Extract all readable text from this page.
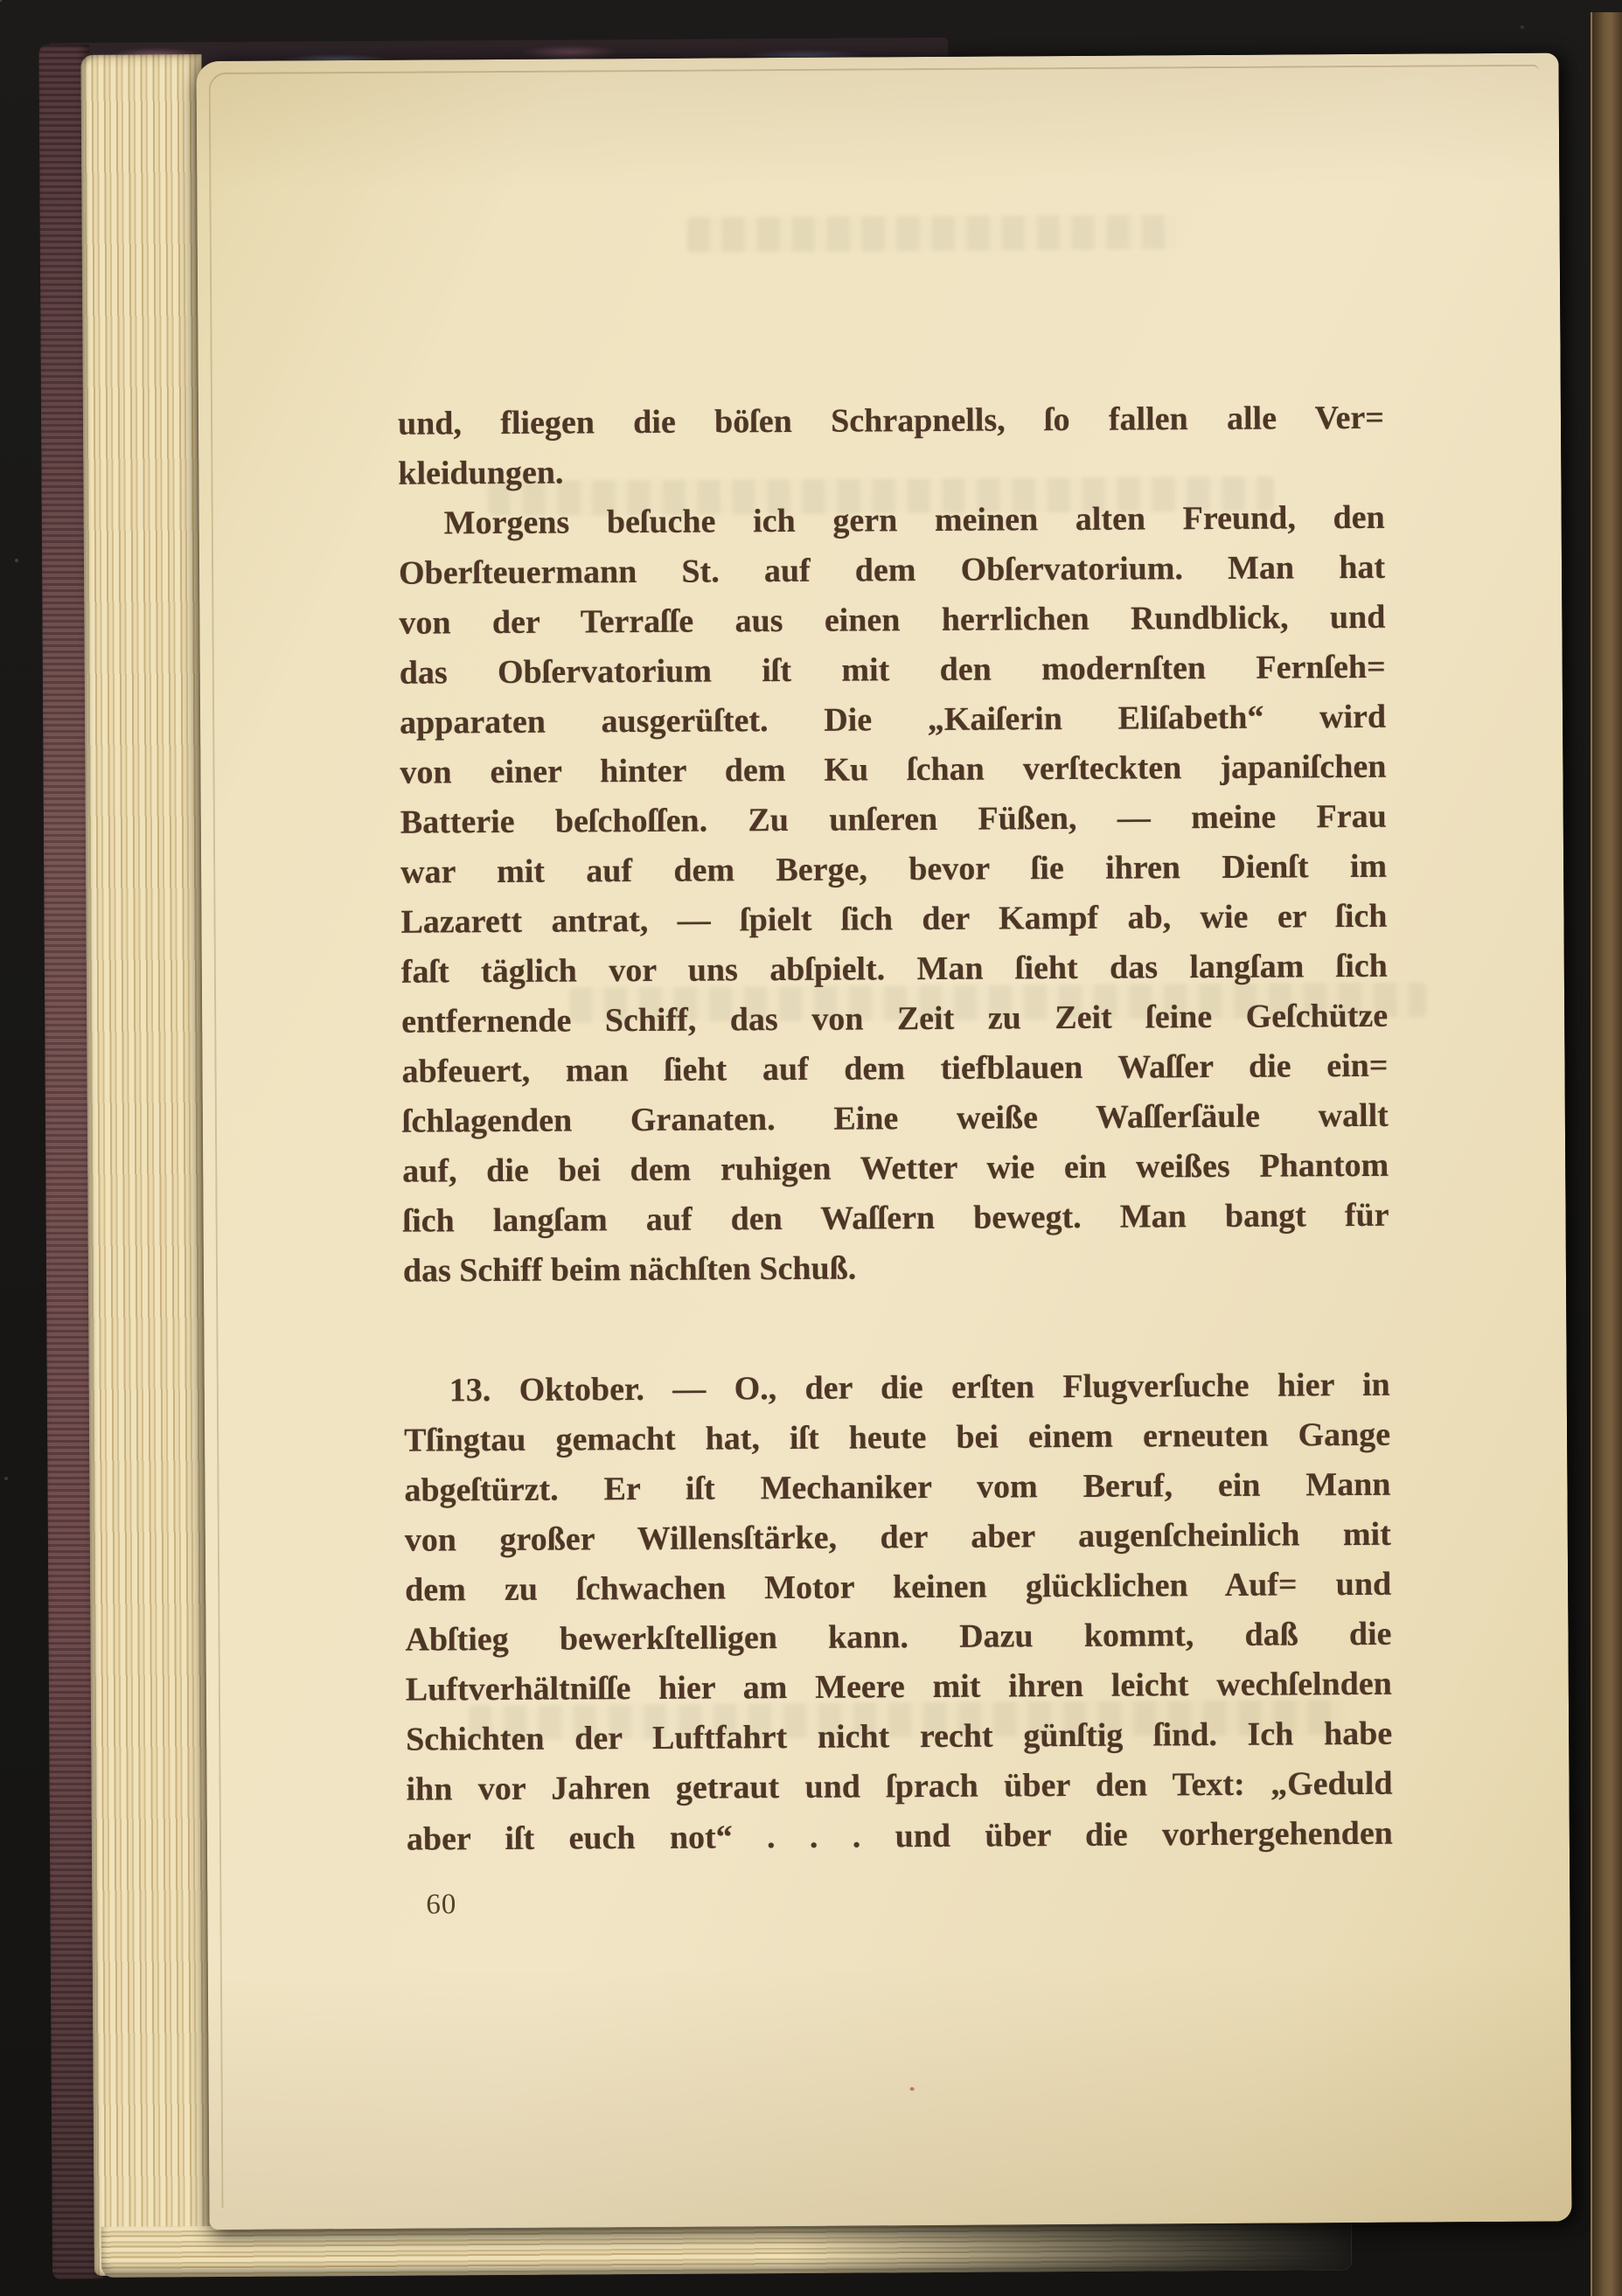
und, fliegen die böſen Schrapnells, ſo fallen alle Ver=
kleidungen.
Morgens beſuche ich gern meinen alten Freund, den
Oberſteuermann St. auf dem Obſervatorium. Man hat
von der Terraſſe aus einen herrlichen Rundblick, und
das Obſervatorium iſt mit den modernſten Fernſeh=
apparaten ausgerüſtet. Die „Kaiſerin Eliſabeth“ wird
von einer hinter dem Ku ſchan verſteckten japaniſchen
Batterie beſchoſſen. Zu unſeren Füßen, — meine Frau
war mit auf dem Berge, bevor ſie ihren Dienſt im
Lazarett antrat, — ſpielt ſich der Kampf ab, wie er ſich
faſt täglich vor uns abſpielt. Man ſieht das langſam ſich
entfernende Schiff, das von Zeit zu Zeit ſeine Geſchütze
abfeuert, man ſieht auf dem tiefblauen Waſſer die ein=
ſchlagenden Granaten. Eine weiße Waſſerſäule wallt
auf, die bei dem ruhigen Wetter wie ein weißes Phantom
ſich langſam auf den Waſſern bewegt. Man bangt für
das Schiff beim nächſten Schuß.
13. Oktober. — O., der die erſten Flugverſuche hier in
Tſingtau gemacht hat, iſt heute bei einem erneuten Gange
abgeſtürzt. Er iſt Mechaniker vom Beruf, ein Mann
von großer Willensſtärke, der aber augenſcheinlich mit
dem zu ſchwachen Motor keinen glücklichen Auf= und
Abſtieg bewerkſtelligen kann. Dazu kommt, daß die
Luftverhältniſſe hier am Meere mit ihren leicht wechſelnden
Schichten der Luftfahrt nicht recht günſtig ſind. Ich habe
ihn vor Jahren getraut und ſprach über den Text: „Geduld
aber iſt euch not“ . . . und über die vorhergehenden
60
